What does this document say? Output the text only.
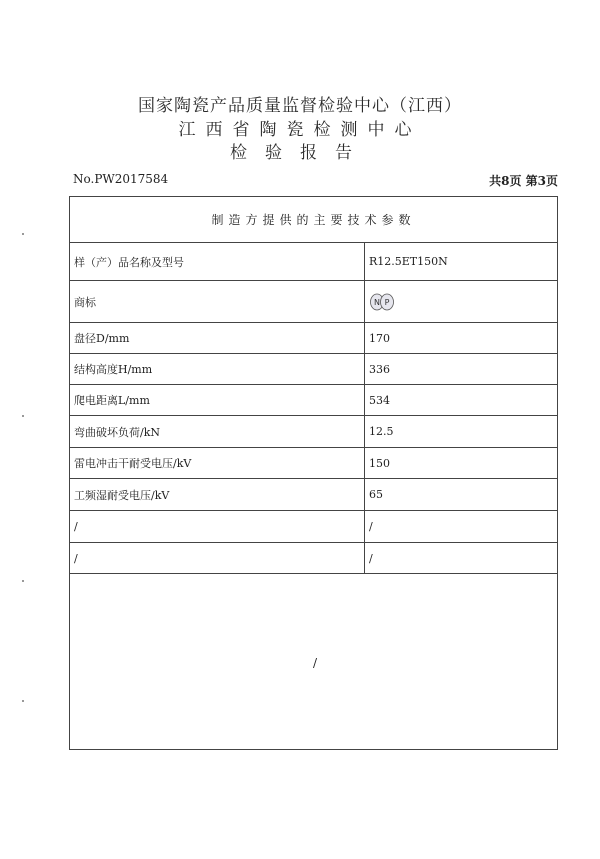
国家陶瓷产品质量监督检验中心（江西）
江西省陶瓷检测中心
检验报告
No.PW2017584	共8页 第3页
制造方提供的主要技术参数
样（产）品名称及型号	R12.5ET150N
商标	N P
盘径D/mm	170
结构高度H/mm	336
爬电距离L/mm	534
弯曲破坏负荷/kN	12.5
雷电冲击干耐受电压/kV	150
工频湿耐受电压/kV	65
/	/
/	/
/
